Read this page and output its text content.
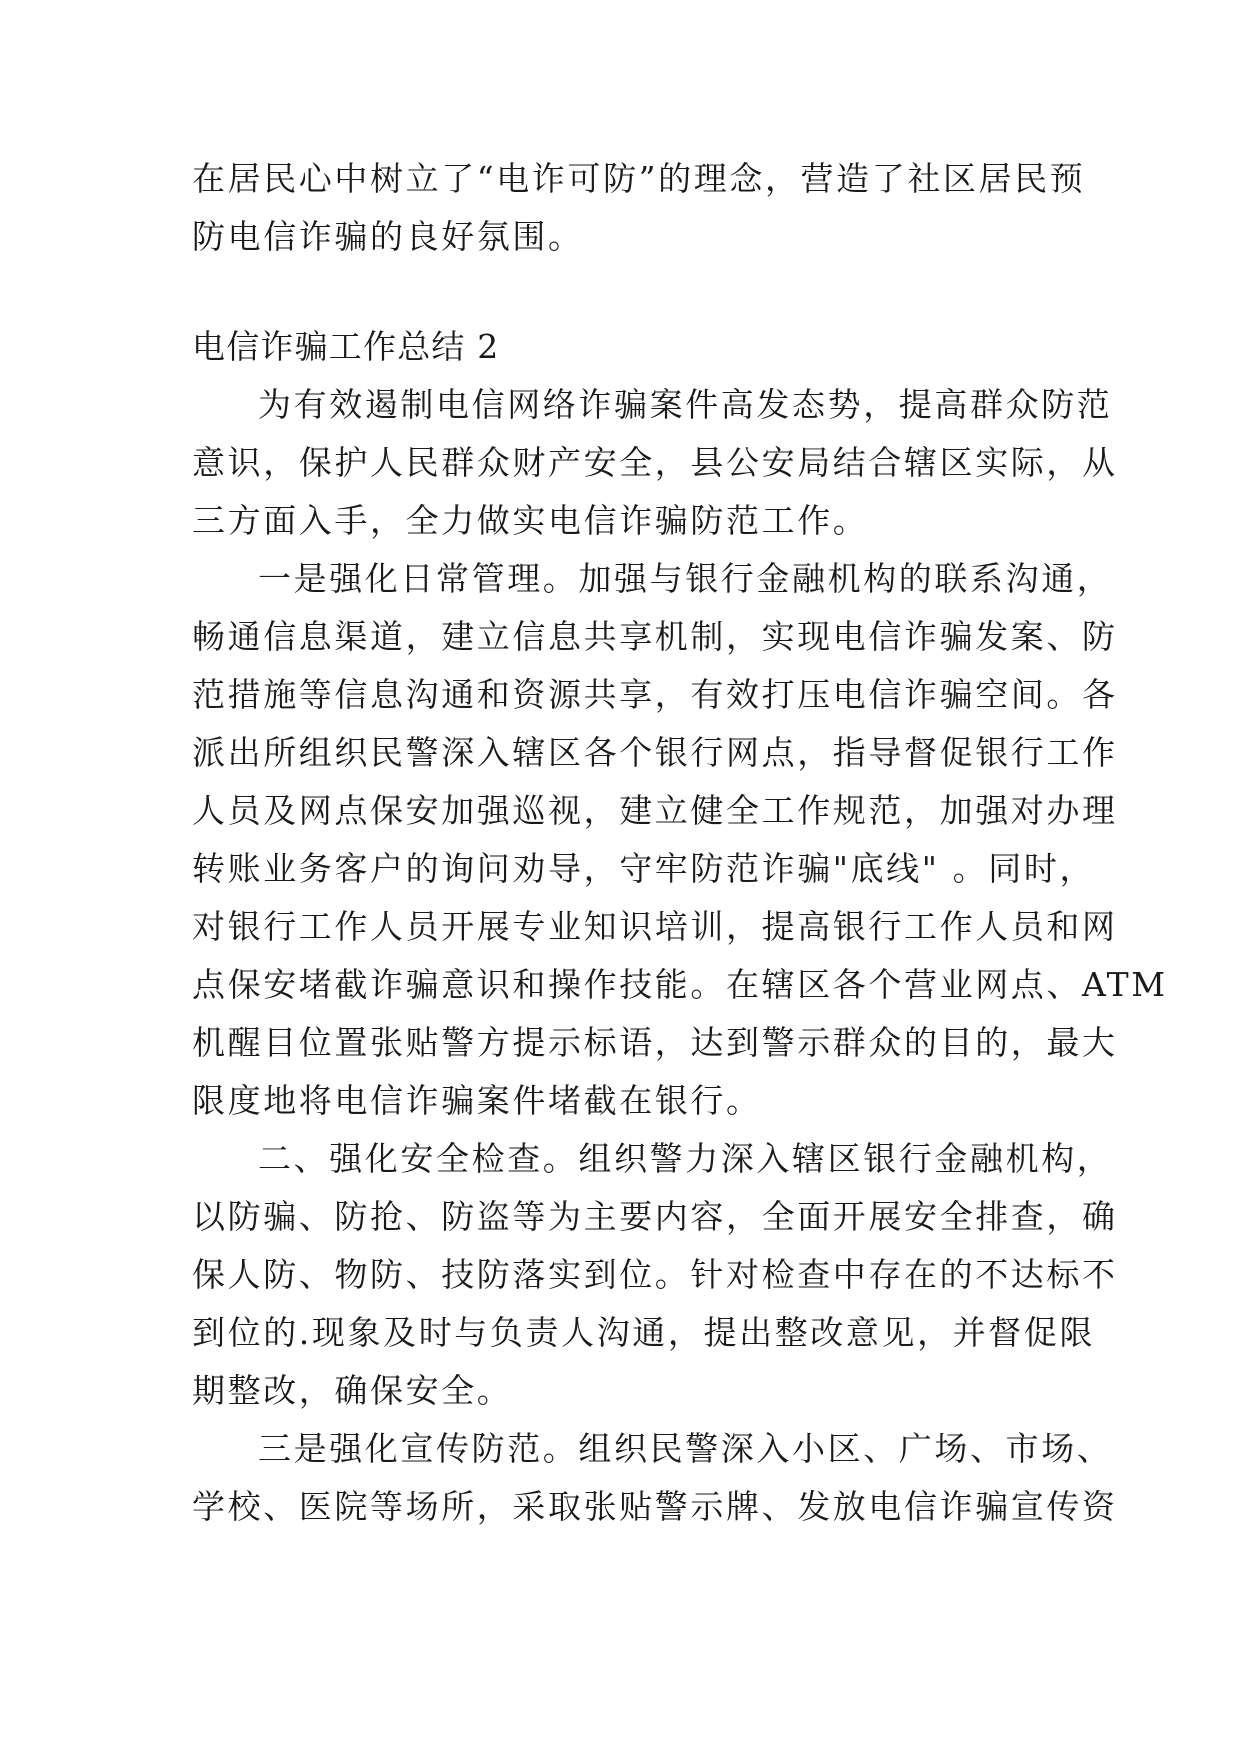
在居民心中树立了“电诈可防”的理念，营造了社区居民预
防电信诈骗的良好氛围。
电信诈骗工作总结 2
为有效遏制电信网络诈骗案件高发态势，提高群众防范
意识，保护人民群众财产安全，县公安局结合辖区实际，从
三方面入手，全力做实电信诈骗防范工作。
一是强化日常管理。加强与银行金融机构的联系沟通，
畅通信息渠道，建立信息共享机制，实现电信诈骗发案、防
范措施等信息沟通和资源共享，有效打压电信诈骗空间。各
派出所组织民警深入辖区各个银行网点，指导督促银行工作
人员及网点保安加强巡视，建立健全工作规范，加强对办理
转账业务客户的询问劝导，守牢防范诈骗"底线" 。同时，
对银行工作人员开展专业知识培训，提高银行工作人员和网
点保安堵截诈骗意识和操作技能。在辖区各个营业网点、ATM
机醒目位置张贴警方提示标语，达到警示群众的目的，最大
限度地将电信诈骗案件堵截在银行。
二、强化安全检查。组织警力深入辖区银行金融机构，
以防骗、防抢、防盗等为主要内容，全面开展安全排查，确
保人防、物防、技防落实到位。针对检查中存在的不达标不
到位的.现象及时与负责人沟通，提出整改意见，并督促限
期整改，确保安全。
三是强化宣传防范。组织民警深入小区、广场、市场、
学校、医院等场所，采取张贴警示牌、发放电信诈骗宣传资
